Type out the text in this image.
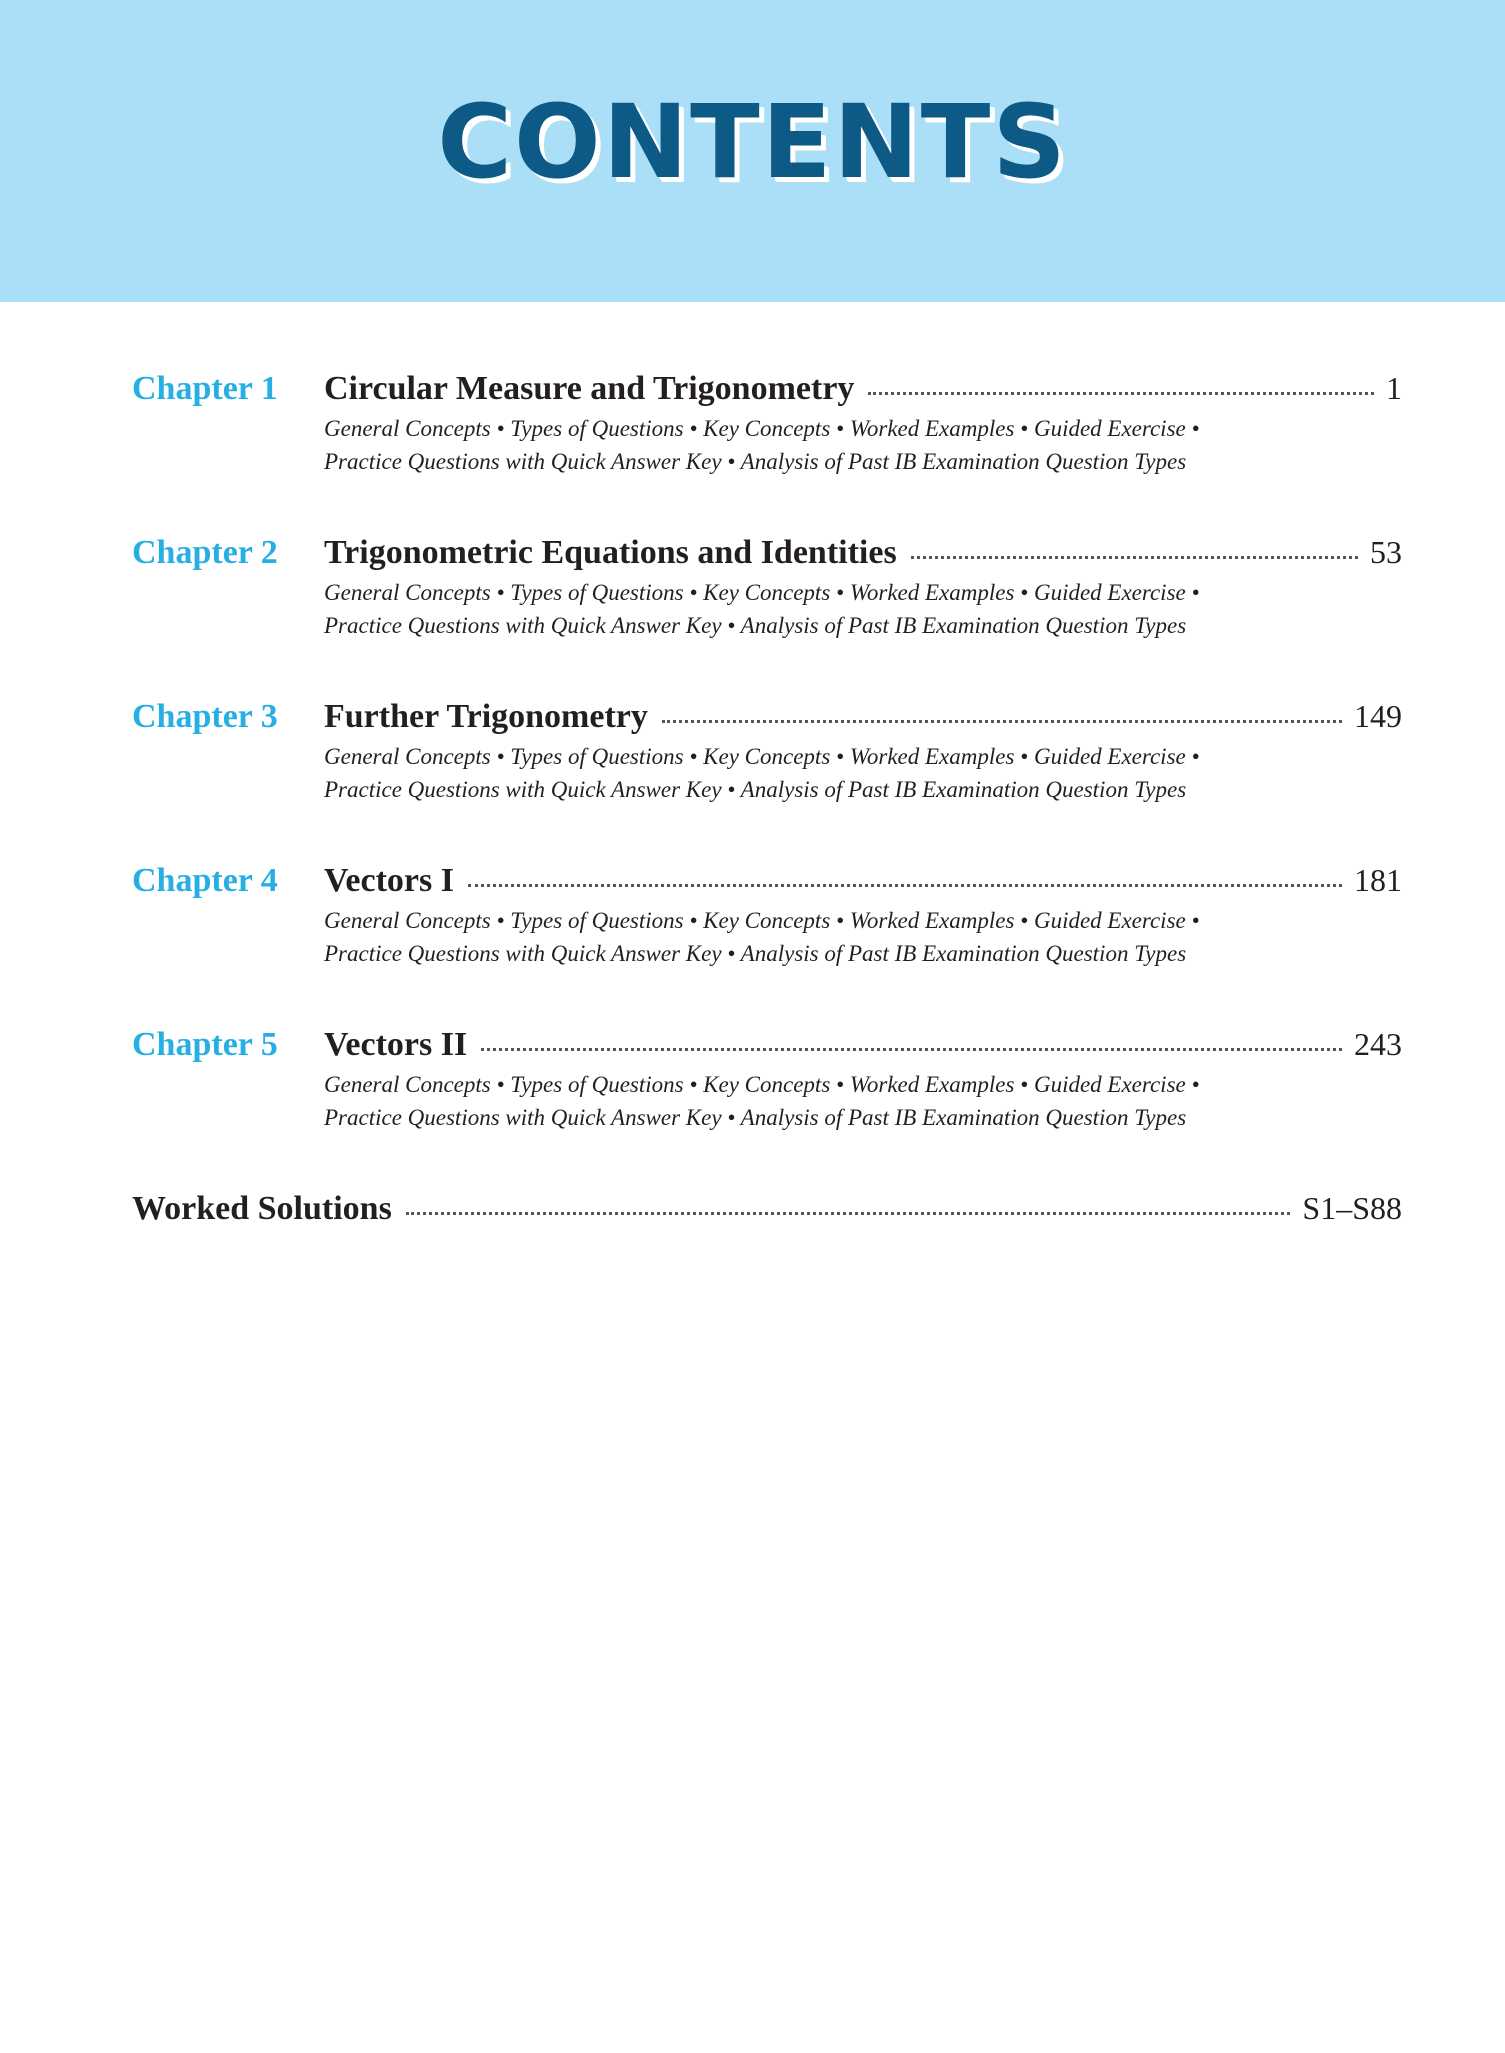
CONTENTS
Chapter 1 Circular Measure and Trigonometry	1
General Concepts • Types of Questions • Key Concepts • Worked Examples • Guided Exercise •
Practice Questions with Quick Answer Key • Analysis of Past IB Examination Question Types
Chapter 2 Trigonometric Equations and Identities	53
General Concepts • Types of Questions • Key Concepts • Worked Examples • Guided Exercise •
Practice Questions with Quick Answer Key • Analysis of Past IB Examination Question Types
Chapter 3 Further Trigonometry	149
General Concepts • Types of Questions • Key Concepts • Worked Examples • Guided Exercise •
Practice Questions with Quick Answer Key • Analysis of Past IB Examination Question Types
Chapter 4 Vectors I	181
General Concepts • Types of Questions • Key Concepts • Worked Examples • Guided Exercise •
Practice Questions with Quick Answer Key • Analysis of Past IB Examination Question Types
Chapter 5 Vectors II	243
General Concepts • Types of Questions • Key Concepts • Worked Examples • Guided Exercise •
Practice Questions with Quick Answer Key • Analysis of Past IB Examination Question Types
Worked Solutions	S1–S88
